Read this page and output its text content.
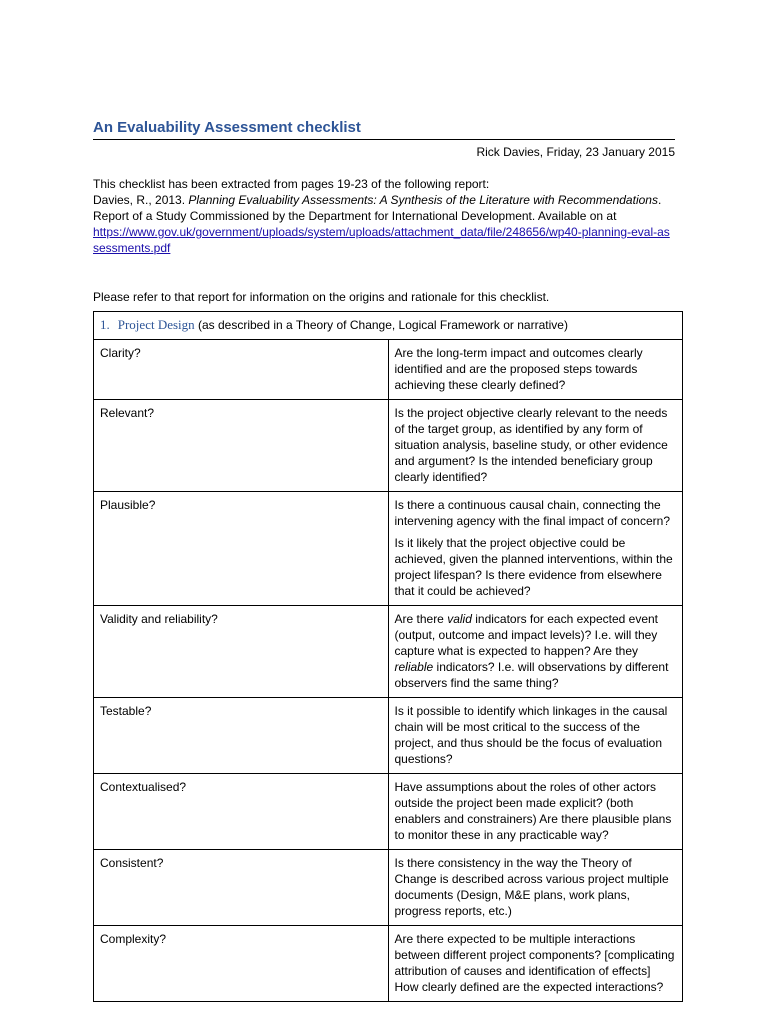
An Evaluability Assessment checklist
Rick Davies, Friday, 23 January 2015
This checklist has been extracted from pages 19-23 of the following report:

Davies, R., 2013. Planning Evaluability Assessments: A Synthesis of the Literature with Recommendations. Report of a Study Commissioned by the Department for International Development. Available on at

https://www.gov.uk/government/uploads/system/uploads/attachment_data/file/248656/wp40-planning-eval-assessments.pdf

Please refer to that report for information on the origins and rationale for this checklist.
1. Project Design (as described in a Theory of Change, Logical Framework or narrative)	
Clarity?	Are the long-term impact and outcomes clearly identified and are the proposed steps towards achieving these clearly defined?

Relevant?	Is the project objective clearly relevant to the needs of the target group, as identified by any form of situation analysis, baseline study, or other evidence and argument? Is the intended beneficiary group clearly identified?

Plausible?	Is there a continuous causal chain, connecting the intervening agency with the final impact of concern?

Is it likely that the project objective could be achieved, given the planned interventions, within the project lifespan? Is there evidence from elsewhere that it could be achieved?

Validity and reliability?	Are there valid indicators for each expected event (output, outcome and impact levels)? I.e. will they capture what is expected to happen? Are they reliable indicators? I.e. will observations by different observers find the same thing?

Testable?	Is it possible to identify which linkages in the causal chain will be most critical to the success of the project, and thus should be the focus of evaluation questions?

Contextualised?	Have assumptions about the roles of other actors outside the project been made explicit? (both enablers and constrainers) Are there plausible plans to monitor these in any practicable way?

Consistent?	Is there consistency in the way the Theory of Change is described across various project multiple documents (Design, M&E plans, work plans, progress reports, etc.)

Complexity?	Are there expected to be multiple interactions between different project components? [complicating attribution of causes and identification of effects] How clearly defined are the expected interactions?
